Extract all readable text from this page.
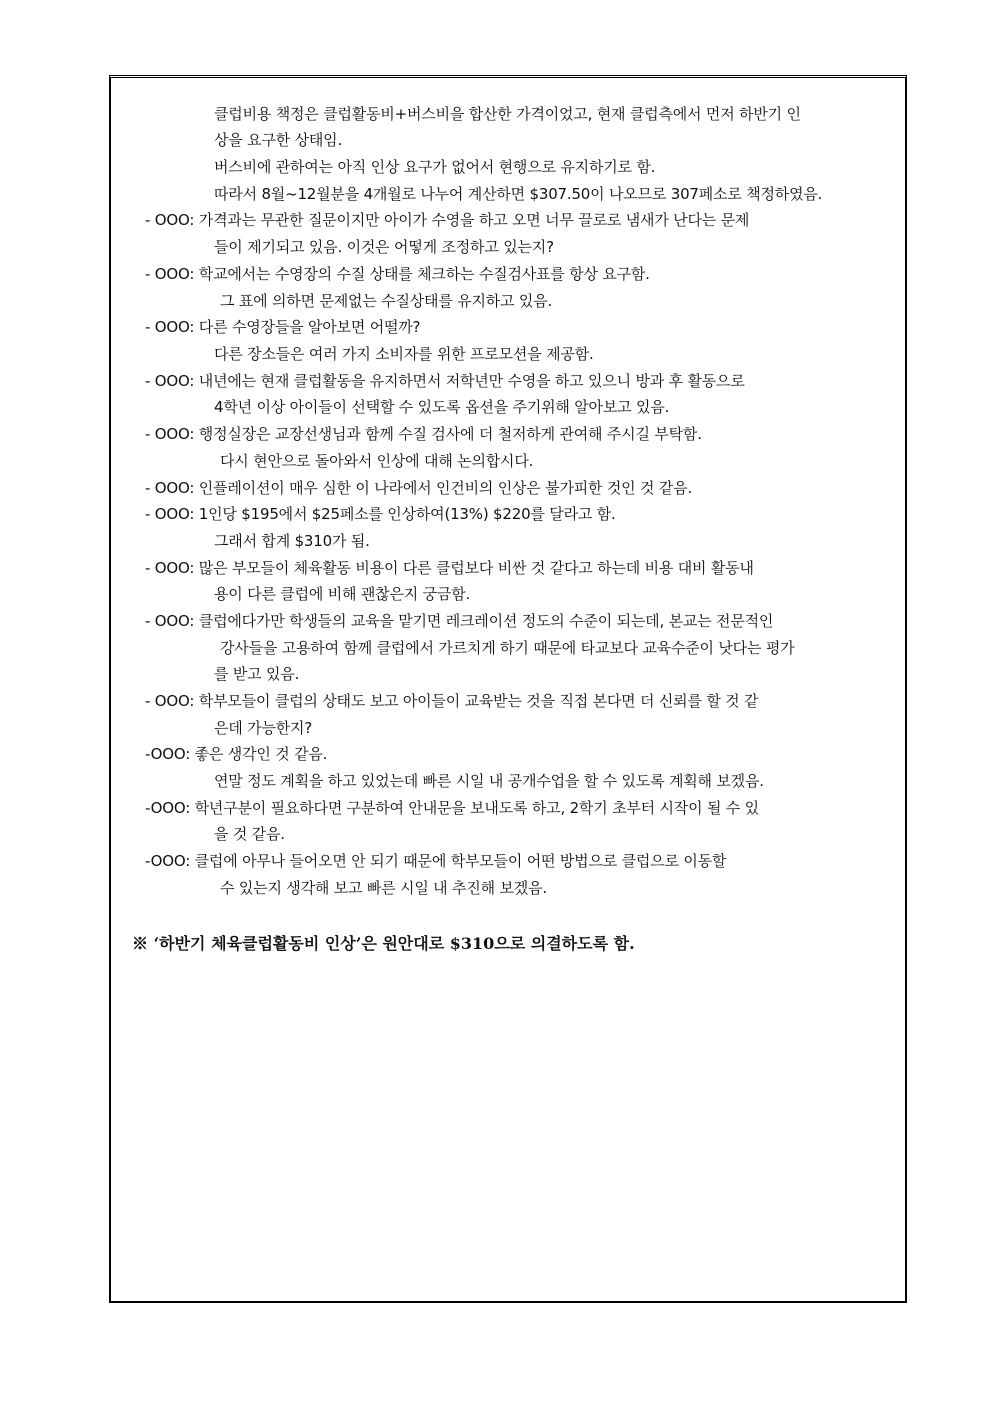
클럽비용 책정은 클럽활동비+버스비을 합산한 가격이었고, 현재 클럽측에서 먼저 하반기 인
상을 요구한 상태임.
버스비에 관하여는 아직 인상 요구가 없어서 현행으로 유지하기로 함.
따라서 8월~12월분을 4개월로 나누어 계산하면 $307.50이 나오므로 307페소로 책정하였음.
- OOO: 가격과는 무관한 질문이지만 아이가 수영을 하고 오면 너무 끌로로 냄새가 난다는 문제
들이 제기되고 있음. 이것은 어떻게 조정하고 있는지?
- OOO: 학교에서는 수영장의 수질 상태를 체크하는 수질검사표를 항상 요구함.
그 표에 의하면 문제없는 수질상태를 유지하고 있음.
- OOO: 다른 수영장들을 알아보면 어떨까?
다른 장소들은 여러 가지 소비자를 위한 프로모션을 제공함.
- OOO: 내년에는 현재 클럽활동을 유지하면서 저학년만 수영을 하고 있으니 방과 후 활동으로
4학년 이상 아이들이 선택할 수 있도록 옵션을 주기위해 알아보고 있음.
- OOO: 행정실장은 교장선생님과 함께 수질 검사에 더 철저하게 관여해 주시길 부탁함.
다시 현안으로 돌아와서 인상에 대해 논의합시다.
- OOO: 인플레이션이 매우 심한 이 나라에서 인건비의 인상은 불가피한 것인 것 같음.
- OOO: 1인당 $195에서 $25페소를 인상하여(13%) $220를 달라고 함.
그래서 합계 $310가 됨.
- OOO: 많은 부모들이 체육활동 비용이 다른 클럽보다 비싼 것 같다고 하는데 비용 대비 활동내
용이 다른 클럽에 비해 괜찮은지 궁금함.
- OOO: 클럽에다가만 학생들의 교육을 맡기면 레크레이션 정도의 수준이 되는데, 본교는 전문적인
강사들을 고용하여 함께 클럽에서 가르치게 하기 때문에 타교보다 교육수준이 낫다는 평가
를 받고 있음.
- OOO: 학부모들이 클럽의 상태도 보고 아이들이 교육받는 것을 직접 본다면 더 신뢰를 할 것 같
은데 가능한지?
-OOO: 좋은 생각인 것 같음.
연말 정도 계획을 하고 있었는데 빠른 시일 내 공개수업을 할 수 있도록 계획해 보겠음.
-OOO: 학년구분이 필요하다면 구분하여 안내문을 보내도록 하고, 2학기 초부터 시작이 될 수 있
을 것 같음.
-OOO: 클럽에 아무나 들어오면 안 되기 때문에 학부모들이 어떤 방법으로 클럽으로 이동할
수 있는지 생각해 보고 빠른 시일 내 추진해 보겠음.
※ ‘하반기 체육클럽활동비 인상’은 원안대로 $310으로 의결하도록 함.
